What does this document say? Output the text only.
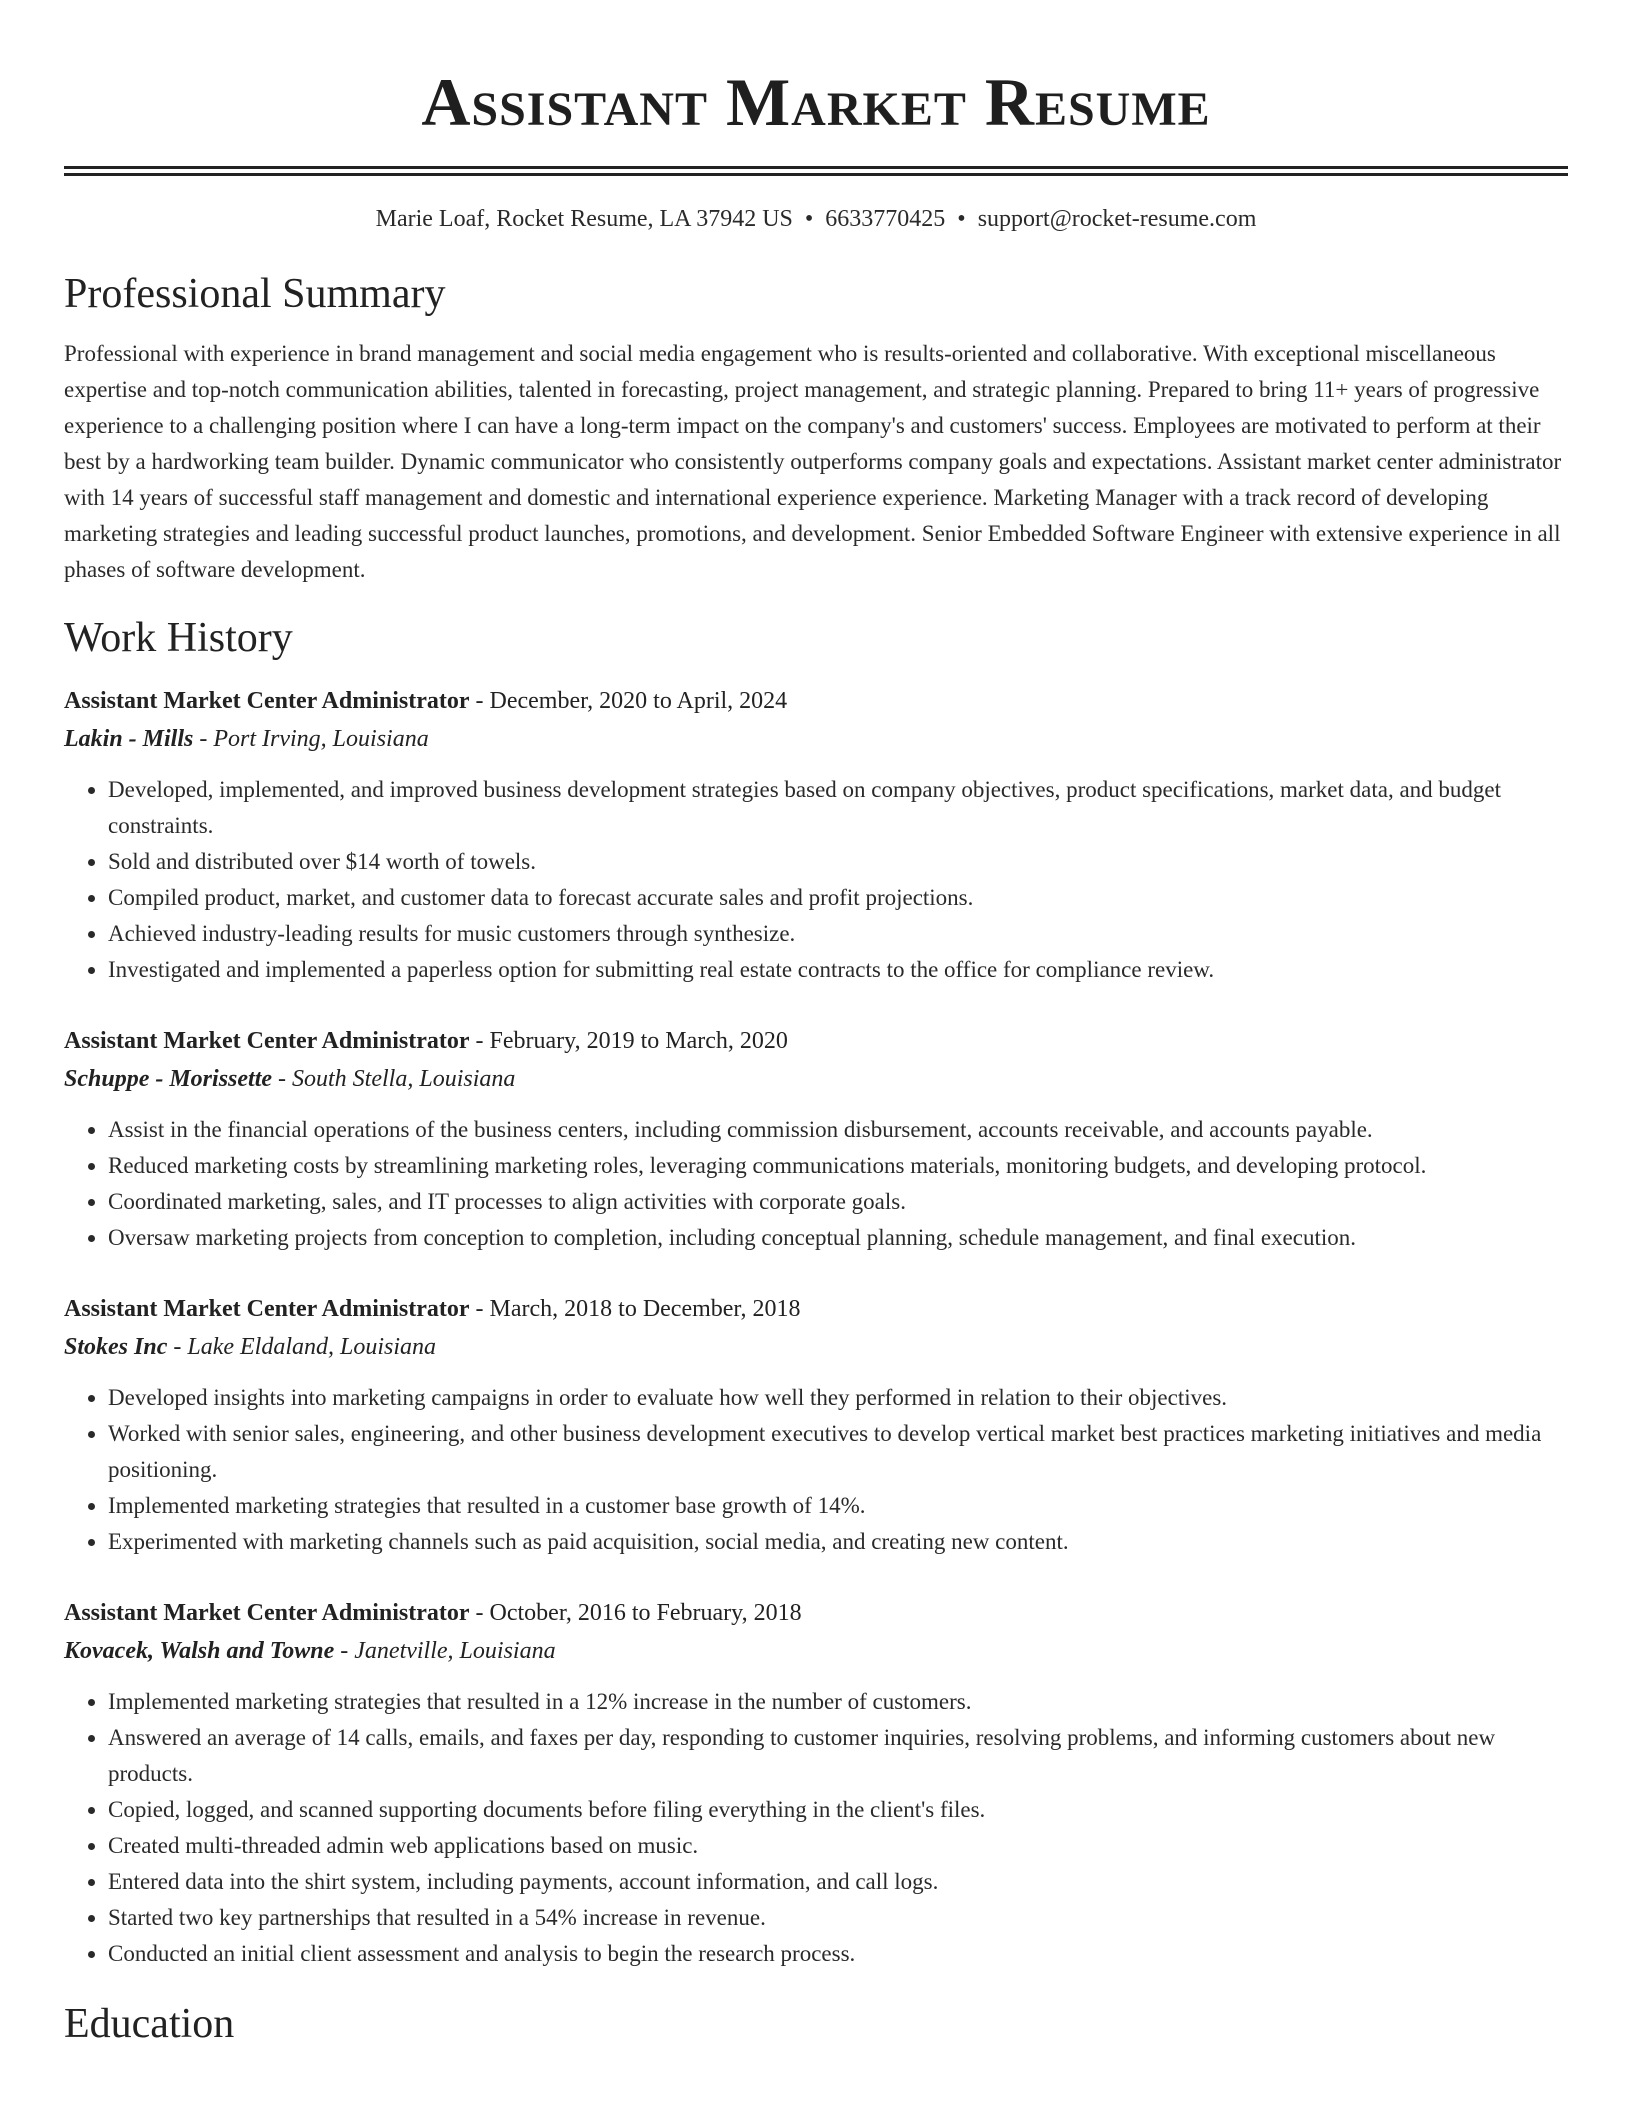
Assistant Market Resume
Marie Loaf, Rocket Resume, LA 37942 US • 6633770425 • support@rocket-resume.com
Professional Summary
Professional with experience in brand management and social media engagement who is results-oriented and collaborative. With exceptional miscellaneous expertise and top-notch communication abilities, talented in forecasting, project management, and strategic planning. Prepared to bring 11+ years of progressive experience to a challenging position where I can have a long-term impact on the company's and customers' success. Employees are motivated to perform at their best by a hardworking team builder. Dynamic communicator who consistently outperforms company goals and expectations. Assistant market center administrator with 14 years of successful staff management and domestic and international experience experience. Marketing Manager with a track record of developing marketing strategies and leading successful product launches, promotions, and development. Senior Embedded Software Engineer with extensive experience in all phases of software development.
Work History
Assistant Market Center Administrator - December, 2020 to April, 2024
Lakin - Mills - Port Irving, Louisiana
• Developed, implemented, and improved business development strategies based on company objectives, product specifications, market data, and budget constraints.
• Sold and distributed over $14 worth of towels.
• Compiled product, market, and customer data to forecast accurate sales and profit projections.
• Achieved industry-leading results for music customers through synthesize.
• Investigated and implemented a paperless option for submitting real estate contracts to the office for compliance review.
Assistant Market Center Administrator - February, 2019 to March, 2020
Schuppe - Morissette - South Stella, Louisiana
• Assist in the financial operations of the business centers, including commission disbursement, accounts receivable, and accounts payable.
• Reduced marketing costs by streamlining marketing roles, leveraging communications materials, monitoring budgets, and developing protocol.
• Coordinated marketing, sales, and IT processes to align activities with corporate goals.
• Oversaw marketing projects from conception to completion, including conceptual planning, schedule management, and final execution.
Assistant Market Center Administrator - March, 2018 to December, 2018
Stokes Inc - Lake Eldaland, Louisiana
• Developed insights into marketing campaigns in order to evaluate how well they performed in relation to their objectives.
• Worked with senior sales, engineering, and other business development executives to develop vertical market best practices marketing initiatives and media positioning.
• Implemented marketing strategies that resulted in a customer base growth of 14%.
• Experimented with marketing channels such as paid acquisition, social media, and creating new content.
Assistant Market Center Administrator - October, 2016 to February, 2018
Kovacek, Walsh and Towne - Janetville, Louisiana
• Implemented marketing strategies that resulted in a 12% increase in the number of customers.
• Answered an average of 14 calls, emails, and faxes per day, responding to customer inquiries, resolving problems, and informing customers about new products.
• Copied, logged, and scanned supporting documents before filing everything in the client's files.
• Created multi-threaded admin web applications based on music.
• Entered data into the shirt system, including payments, account information, and call logs.
• Started two key partnerships that resulted in a 54% increase in revenue.
• Conducted an initial client assessment and analysis to begin the research process.
Education
